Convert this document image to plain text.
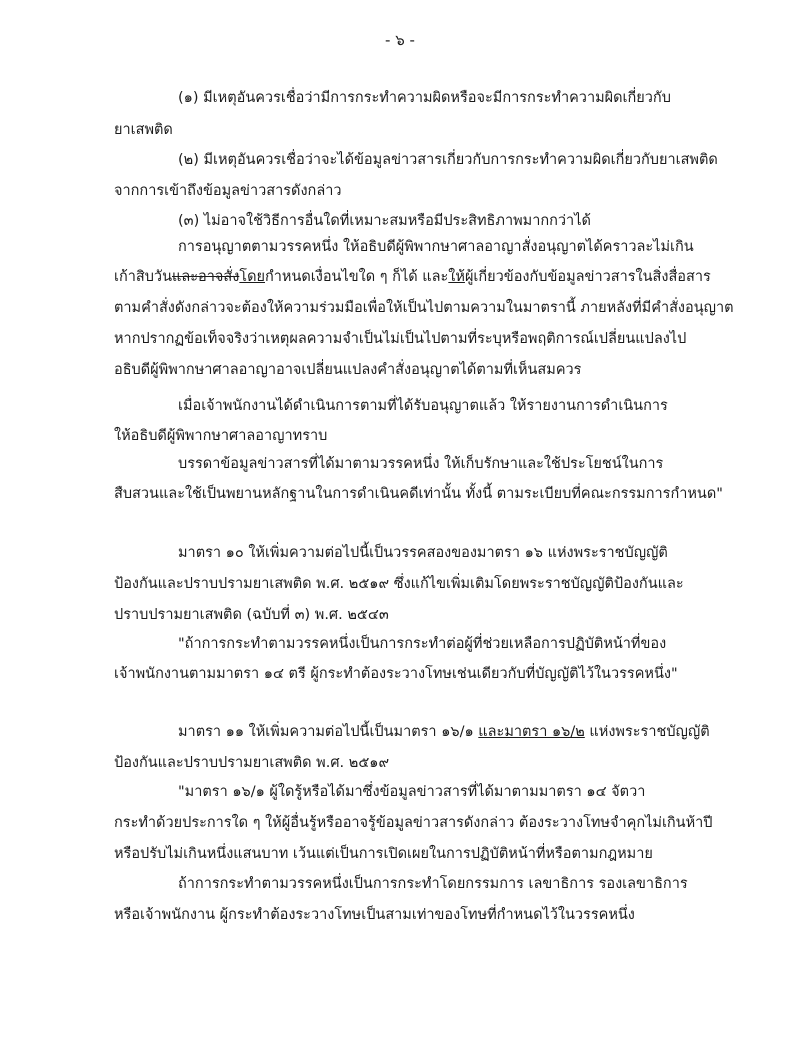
- ๖ -
(๑) มีเหตุอันควรเชื่อว่ามีการกระทำความผิดหรือจะมีการกระทำความผิดเกี่ยวกับ
ยาเสพติด
(๒) มีเหตุอันควรเชื่อว่าจะได้ข้อมูลข่าวสารเกี่ยวกับการกระทำความผิดเกี่ยวกับยาเสพติด
จากการเข้าถึงข้อมูลข่าวสารดังกล่าว
(๓) ไม่อาจใช้วิธีการอื่นใดที่เหมาะสมหรือมีประสิทธิภาพมากกว่าได้
การอนุญาตตามวรรคหนึ่ง ให้อธิบดีผู้พิพากษาศาลอาญาสั่งอนุญาตได้คราวละไม่เกิน
เก้าสิบวันและอาจสั่งโดยกำหนดเงื่อนไขใด ๆ ก็ได้ และให้ผู้เกี่ยวข้องกับข้อมูลข่าวสารในสิ่งสื่อสาร
ตามคำสั่งดังกล่าวจะต้องให้ความร่วมมือเพื่อให้เป็นไปตามความในมาตรานี้ ภายหลังที่มีคำสั่งอนุญาต
หากปรากฏข้อเท็จจริงว่าเหตุผลความจำเป็นไม่เป็นไปตามที่ระบุหรือพฤติการณ์เปลี่ยนแปลงไป
อธิบดีผู้พิพากษาศาลอาญาอาจเปลี่ยนแปลงคำสั่งอนุญาตได้ตามที่เห็นสมควร
เมื่อเจ้าพนักงานได้ดำเนินการตามที่ได้รับอนุญาตแล้ว ให้รายงานการดำเนินการ
ให้อธิบดีผู้พิพากษาศาลอาญาทราบ
บรรดาข้อมูลข่าวสารที่ได้มาตามวรรคหนึ่ง ให้เก็บรักษาและใช้ประโยชน์ในการ
สืบสวนและใช้เป็นพยานหลักฐานในการดำเนินคดีเท่านั้น ทั้งนี้ ตามระเบียบที่คณะกรรมการกำหนด"
มาตรา ๑๐ ให้เพิ่มความต่อไปนี้เป็นวรรคสองของมาตรา ๑๖ แห่งพระราชบัญญัติ
ป้องกันและปราบปรามยาเสพติด พ.ศ. ๒๕๑๙ ซึ่งแก้ไขเพิ่มเติมโดยพระราชบัญญัติป้องกันและ
ปราบปรามยาเสพติด (ฉบับที่ ๓) พ.ศ. ๒๕๔๓
"ถ้าการกระทำตามวรรคหนึ่งเป็นการกระทำต่อผู้ที่ช่วยเหลือการปฏิบัติหน้าที่ของ
เจ้าพนักงานตามมาตรา ๑๔ ตรี ผู้กระทำต้องระวางโทษเช่นเดียวกับที่บัญญัติไว้ในวรรคหนึ่ง"
มาตรา ๑๑ ให้เพิ่มความต่อไปนี้เป็นมาตรา ๑๖/๑ และมาตรา ๑๖/๒ แห่งพระราชบัญญัติ
ป้องกันและปราบปรามยาเสพติด พ.ศ. ๒๕๑๙
"มาตรา ๑๖/๑ ผู้ใดรู้หรือได้มาซึ่งข้อมูลข่าวสารที่ได้มาตามมาตรา ๑๔ จัตวา
กระทำด้วยประการใด ๆ ให้ผู้อื่นรู้หรืออาจรู้ข้อมูลข่าวสารดังกล่าว ต้องระวางโทษจำคุกไม่เกินห้าปี
หรือปรับไม่เกินหนึ่งแสนบาท เว้นแต่เป็นการเปิดเผยในการปฏิบัติหน้าที่หรือตามกฎหมาย
ถ้าการกระทำตามวรรคหนึ่งเป็นการกระทำโดยกรรมการ เลขาธิการ รองเลขาธิการ
หรือเจ้าพนักงาน ผู้กระทำต้องระวางโทษเป็นสามเท่าของโทษที่กำหนดไว้ในวรรคหนึ่ง
